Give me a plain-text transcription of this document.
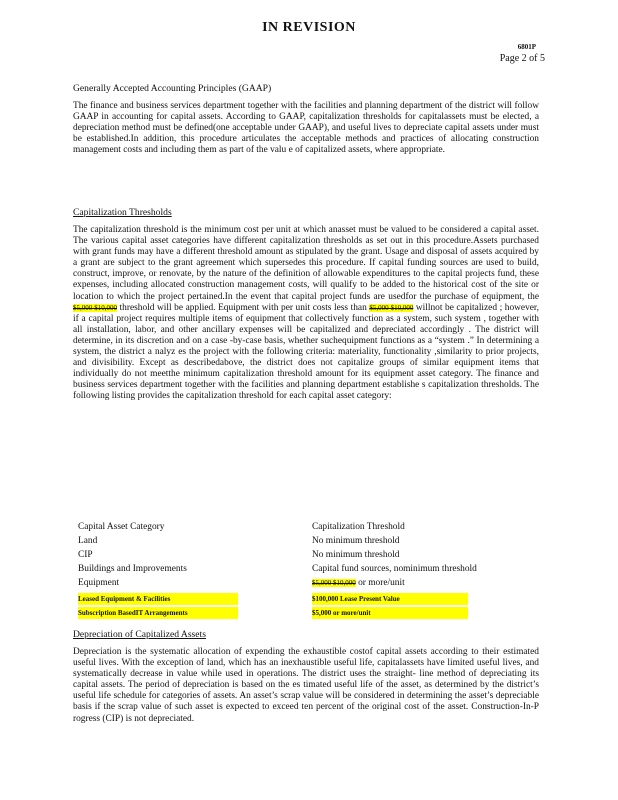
IN REVISION
6801P
Page 2 of 5
Generally Accepted Accounting Principles (GAAP)
The finance and business services department together with the facilities and planning department of the district will follow GAAP in accounting for capital assets. According to GAAP, capitalization thresholds for capitalassets must be elected, a depreciation method must be defined(one acceptable under GAAP), and useful lives to depreciate capital assets under must be established.In addition, this procedure articulates the acceptable methods and practices of allocating construction management costs and including them as part of the valu e of capitalized assets, where appropriate.
Capitalization Thresholds
The capitalization threshold is the minimum cost per unit at which anasset must be valued to be considered a capital asset. The various capital asset categories have different capitalization thresholds as set out in this procedure.Assets purchased with grant funds may have a different threshold amount as stipulated by the grant. Usage and disposal of assets acquired by a grant are subject to the grant agreement which supersedes this procedure. If capital funding sources are used to build, construct, improve, or renovate, by the nature of the definition of allowable expenditures to the capital projects fund, these expenses, including allocated construction management costs, will qualify to be added to the historical cost of the site or location to which the project pertained.In the event that capital project funds are usedfor the purchase of equipment, the $5,000 $10,000 threshold will be applied. Equipment with per unit costs less than $5,000 $10,000 willnot be capitalized ; however, if a capital project requires multiple items of equipment that collectively function as a system, such system , together with all installation, labor, and other ancillary expenses will be capitalized and depreciated accordingly . The district will determine, in its discretion and on a case -by-case basis, whether suchequipment functions as a “system .” In determining a system, the district a nalyz es the project with the following criteria: materiality, functionality ,similarity to prior projects, and divisibility. Except as describedabove, the district does not capitalize groups of similar equipment items that individually do not meetthe minimum capitalization threshold amount for its equipment asset category. The finance and business services department together with the facilities and planning department establishe s capitalization thresholds. The following listing provides the capitalization threshold for each capital asset category:
Capital Asset Category	Capitalization Threshold
Land	No minimum threshold
CIP	No minimum threshold
Buildings and Improvements	Capital fund sources, nominimum threshold
Equipment	$5,000 $10,000 or more/unit
Leased Equipment & Facilities	$100,000 Lease Present Value
Subscription BasedIT Arrangements	$5,000 or more/unit
Depreciation of Capitalized Assets
Depreciation is the systematic allocation of expending the exhaustible costof capital assets according to their estimated useful lives. With the exception of land, which has an inexhaustible useful life, capitalassets have limited useful lives, and systematically decrease in value while used in operations. The district uses the straight- line method of depreciating its capital assets. The period of depreciation is based on the es timated useful life of the asset, as determined by the district’s useful life schedule for categories of assets. An asset’s scrap value will be considered in determining the asset’s depreciable basis if the scrap value of such asset is expected to exceed ten percent of the original cost of the asset. Construction-In-P rogress (CIP) is not depreciated.
